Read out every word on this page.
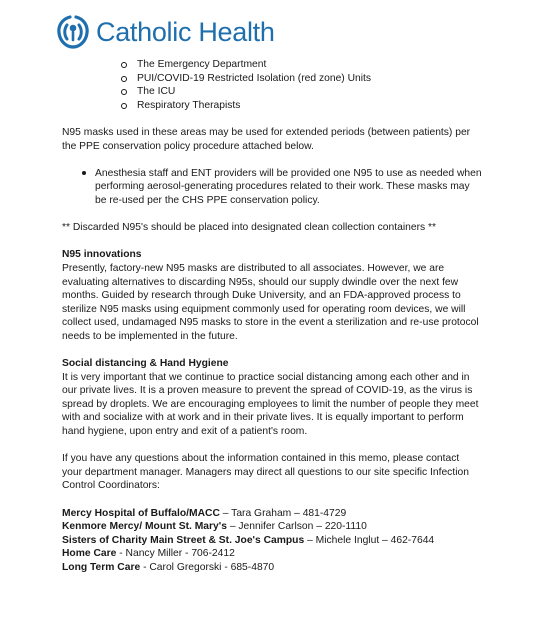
Catholic Health
The Emergency Department
PUI/COVID-19 Restricted Isolation (red zone) Units
The ICU
Respiratory Therapists

N95 masks used in these areas may be used for extended periods (between patients) per the PPE conservation policy procedure attached below.

Anesthesia staff and ENT providers will be provided one N95 to use as needed when performing aerosol-generating procedures related to their work. These masks may be re-used per the CHS PPE conservation policy.

** Discarded N95's should be placed into designated clean collection containers **

N95 innovations

Presently, factory-new N95 masks are distributed to all associates. However, we are evaluating alternatives to discarding N95s, should our supply dwindle over the next few months. Guided by research through Duke University, and an FDA-approved process to sterilize N95 masks using equipment commonly used for operating room devices, we will collect used, undamaged N95 masks to store in the event a sterilization and re-use protocol needs to be implemented in the future.

Social distancing & Hand Hygiene

It is very important that we continue to practice social distancing among each other and in our private lives. It is a proven measure to prevent the spread of COVID-19, as the virus is spread by droplets. We are encouraging employees to limit the number of people they meet with and socialize with at work and in their private lives. It is equally important to perform hand hygiene, upon entry and exit of a patient's room.

If you have any questions about the information contained in this memo, please contact your department manager. Managers may direct all questions to our site specific Infection Control Coordinators:

Mercy Hospital of Buffalo/MACC – Tara Graham – 481-4729

Kenmore Mercy/ Mount St. Mary's – Jennifer Carlson – 220-1110

Sisters of Charity Main Street & St. Joe's Campus – Michele Inglut – 462-7644

Home Care - Nancy Miller - 706-2412

Long Term Care - Carol Gregorski - 685-4870
